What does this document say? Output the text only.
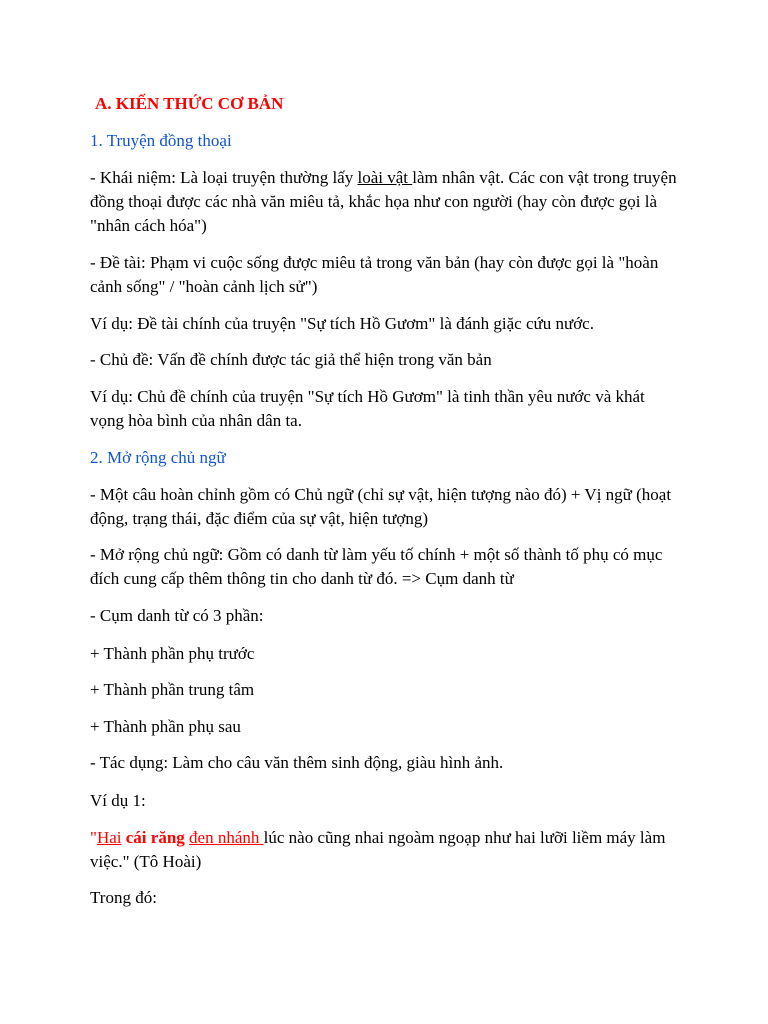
A. KIẾN THỨC CƠ BẢN

1. Truyện đồng thoại

- Khái niệm: Là loại truyện thường lấy loài vật làm nhân vật. Các con vật trong truyện đồng thoại được các nhà văn miêu tả, khắc họa như con người (hay còn được gọi là "nhân cách hóa")

- Đề tài: Phạm vi cuộc sống được miêu tả trong văn bản (hay còn được gọi là "hoàn cảnh sống" / "hoàn cảnh lịch sử")

Ví dụ: Đề tài chính của truyện "Sự tích Hồ Gươm" là đánh giặc cứu nước.

- Chủ đề: Vấn đề chính được tác giả thể hiện trong văn bản

Ví dụ: Chủ đề chính của truyện "Sự tích Hồ Gươm" là tinh thần yêu nước và khát vọng hòa bình của nhân dân ta.

2. Mở rộng chủ ngữ

- Một câu hoàn chỉnh gồm có Chủ ngữ (chỉ sự vật, hiện tượng nào đó) + Vị ngữ (hoạt động, trạng thái, đặc điểm của sự vật, hiện tượng)

- Mở rộng chủ ngữ: Gồm có danh từ làm yếu tố chính + một số thành tố phụ có mục đích cung cấp thêm thông tin cho danh từ đó. => Cụm danh từ

- Cụm danh từ có 3 phần:

+ Thành phần phụ trước

+ Thành phần trung tâm

+ Thành phần phụ sau

- Tác dụng: Làm cho câu văn thêm sinh động, giàu hình ảnh.

Ví dụ 1:

"Hai cái răng đen nhánh lúc nào cũng nhai ngoàm ngoạp như hai lưỡi liềm máy làm việc." (Tô Hoài)

Trong đó:
